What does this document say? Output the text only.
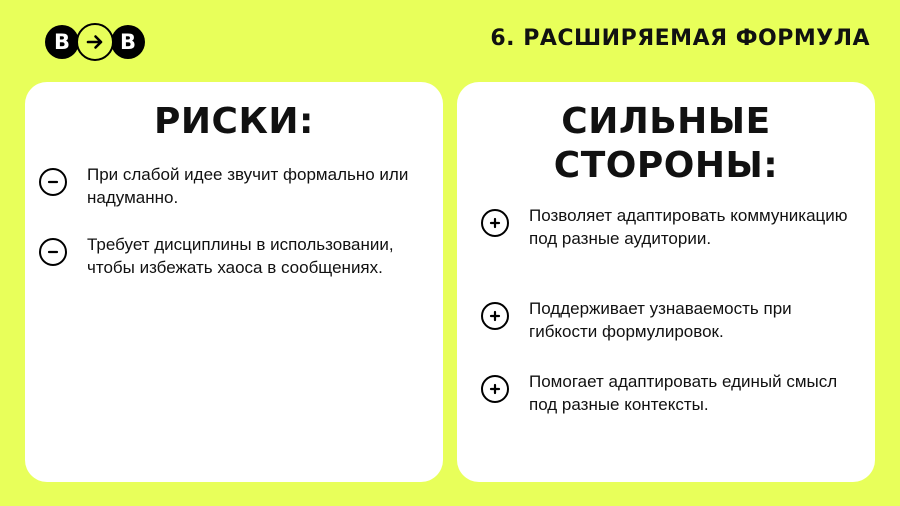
B	B	6. РАСШИРЯЕМАЯ ФОРМУЛА
РИСКИ:
При слабой идее звучит формально или надуманно.
Требует дисциплины в использовании, чтобы избежать хаоса в сообщениях.
СИЛЬНЫЕ СТОРОНЫ:
Позволяет адаптировать коммуникацию под разные аудитории.
Поддерживает узнаваемость при гибкости формулировок.
Помогает адаптировать единый смысл под разные контексты.
